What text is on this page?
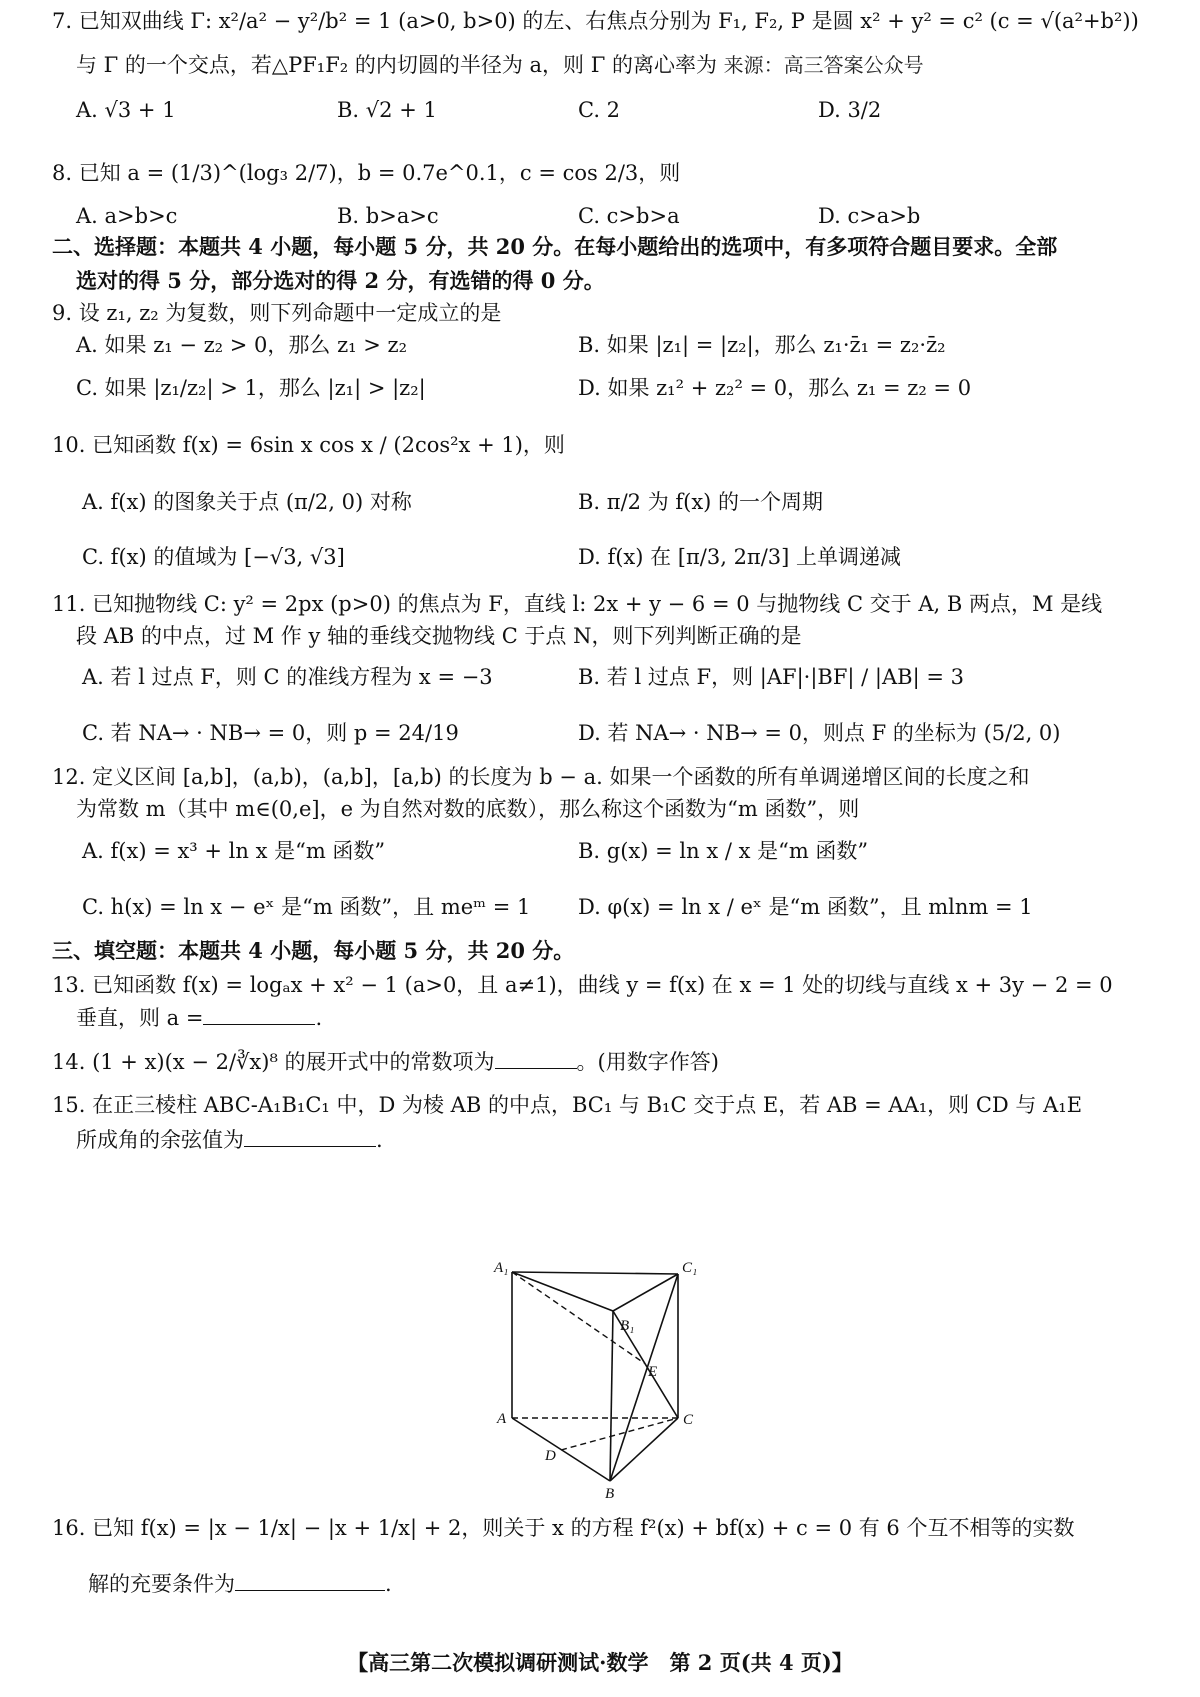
7. 已知双曲线 Γ: x²/a² − y²/b² = 1 (a>0, b>0) 的左、右焦点分别为 F₁, F₂, P 是圆 x² + y² = c² (c = √(a²+b²))
与 Γ 的一个交点，若△PF₁F₂ 的内切圆的半径为 a，则 Γ 的离心率为 来源：高三答案公众号
A. √3 + 1	B. √2 + 1	C. 2	D. 3/2
8. 已知 a = (1/3)^(log₃ 2/7)，b = 0.7e^0.1，c = cos 2/3，则
A. a>b>c	B. b>a>c	C. c>b>a	D. c>a>b
二、选择题：本题共 4 小题，每小题 5 分，共 20 分。在每小题给出的选项中，有多项符合题目要求。全部
选对的得 5 分，部分选对的得 2 分，有选错的得 0 分。
9. 设 z₁, z₂ 为复数，则下列命题中一定成立的是
A. 如果 z₁ − z₂ > 0，那么 z₁ > z₂	B. 如果 |z₁| = |z₂|，那么 z₁·z̄₁ = z₂·z̄₂
C. 如果 |z₁/z₂| > 1，那么 |z₁| > |z₂|	D. 如果 z₁² + z₂² = 0，那么 z₁ = z₂ = 0
10. 已知函数 f(x) = 6sin x cos x / (2cos²x + 1)，则
A. f(x) 的图象关于点 (π/2, 0) 对称	B. π/2 为 f(x) 的一个周期
C. f(x) 的值域为 [−√3, √3]	D. f(x) 在 [π/3, 2π/3] 上单调递减
11. 已知抛物线 C: y² = 2px (p>0) 的焦点为 F，直线 l: 2x + y − 6 = 0 与抛物线 C 交于 A, B 两点，M 是线
段 AB 的中点，过 M 作 y 轴的垂线交抛物线 C 于点 N，则下列判断正确的是
A. 若 l 过点 F，则 C 的准线方程为 x = −3	B. 若 l 过点 F，则 |AF|·|BF| / |AB| = 3
C. 若 NA→ · NB→ = 0，则 p = 24/19	D. 若 NA→ · NB→ = 0，则点 F 的坐标为 (5/2, 0)
12. 定义区间 [a,b]，(a,b)，(a,b]，[a,b) 的长度为 b − a. 如果一个函数的所有单调递增区间的长度之和
为常数 m（其中 m∈(0,e]，e 为自然对数的底数），那么称这个函数为“m 函数”，则
A. f(x) = x³ + ln x 是“m 函数”	B. g(x) = ln x / x 是“m 函数”
C. h(x) = ln x − eˣ 是“m 函数”，且 meᵐ = 1 D. φ(x) = ln x / eˣ 是“m 函数”，且 mlnm = 1
三、填空题：本题共 4 小题，每小题 5 分，共 20 分。
13. 已知函数 f(x) = logₐx + x² − 1 (a>0，且 a≠1)，曲线 y = f(x) 在 x = 1 处的切线与直线 x + 3y − 2 = 0
垂直，则 a =	.
14. (1 + x)(x − 2/∛x)⁸ 的展开式中的常数项为	。(用数字作答)
15. 在正三棱柱 ABC-A₁B₁C₁ 中，D 为棱 AB 的中点，BC₁ 与 B₁C 交于点 E，若 AB = AA₁，则 CD 与 A₁E
所成角的余弦值为	.
A₁	C₁
B₁
E
A	C
D
B
16. 已知 f(x) = |x − 1/x| − |x + 1/x| + 2，则关于 x 的方程 f²(x) + bf(x) + c = 0 有 6 个互不相等的实数
解的充要条件为	.
【高三第二次模拟调研测试·数学　第 2 页(共 4 页)】
